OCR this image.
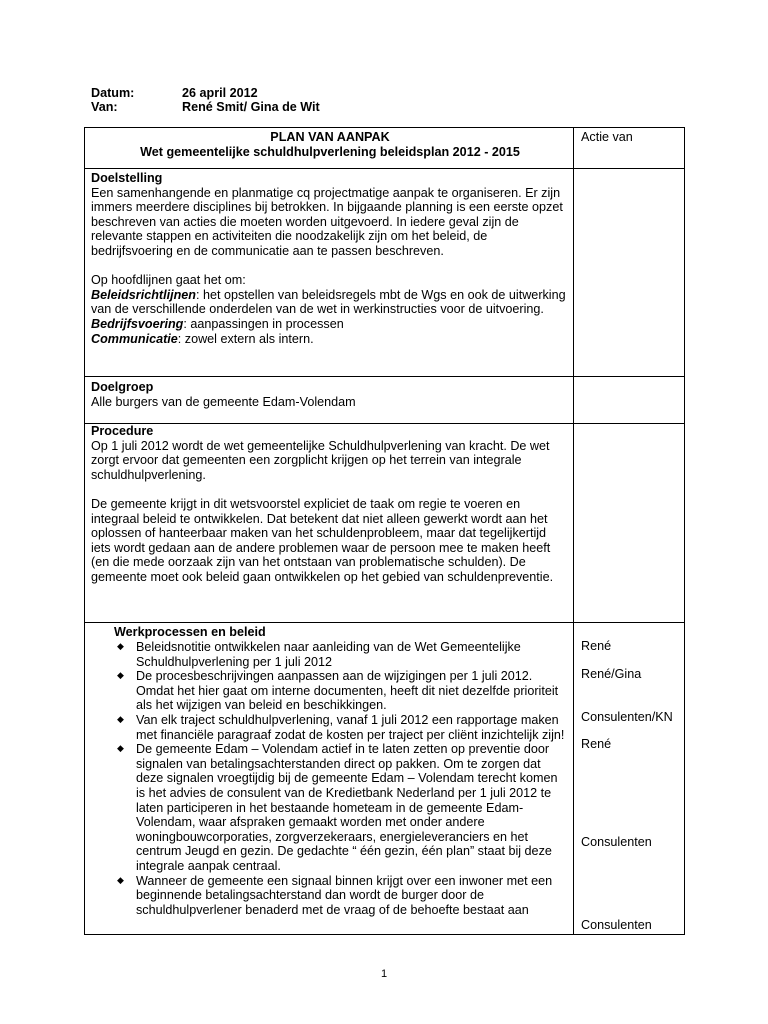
Datum:	26 april 2012
Van:	René Smit/ Gina de Wit

PLAN VAN AANPAK

Wet gemeentelijke schuldhulpverlening beleidsplan 2012 - 2015

Actie van

Doelstelling

Een samenhangende en planmatige cq projectmatige aanpak te organiseren. Er zijn immers meerdere disciplines bij betrokken. In bijgaande planning is een eerste opzet beschreven van acties die moeten worden uitgevoerd. In iedere geval zijn de relevante stappen en activiteiten die noodzakelijk zijn om het beleid, de bedrijfsvoering en de communicatie aan te passen beschreven.

Op hoofdlijnen gaat het om:

Beleidsrichtlijnen: het opstellen van beleidsregels mbt de Wgs en ook de uitwerking van de verschillende onderdelen van de wet in werkinstructies voor de uitvoering.

Bedrijfsvoering: aanpassingen in processen

Communicatie: zowel extern als intern.

Doelgroep

Alle burgers van de gemeente Edam-Volendam

Procedure

Op 1 juli 2012 wordt de wet gemeentelijke Schuldhulpverlening van kracht. De wet zorgt ervoor dat gemeenten een zorgplicht krijgen op het terrein van integrale schuldhulpverlening.

De gemeente krijgt in dit wetsvoorstel expliciet de taak om regie te voeren en integraal beleid te ontwikkelen. Dat betekent dat niet alleen gewerkt wordt aan het oplossen of hanteerbaar maken van het schuldenprobleem, maar dat tegelijkertijd iets wordt gedaan aan de andere problemen waar de persoon mee te maken heeft (en die mede oorzaak zijn van het ontstaan van problematische schulden). De gemeente moet ook beleid gaan ontwikkelen op het gebied van schuldenpreventie.

Werkprocessen en beleid
◆ Beleidsnotitie ontwikkelen naar aanleiding van de Wet Gemeentelijke Schuldhulpverlening per 1 juli 2012
◆ De procesbeschrijvingen aanpassen aan de wijzigingen per 1 juli 2012. Omdat het hier gaat om interne documenten, heeft dit niet dezelfde prioriteit als het wijzigen van beleid en beschikkingen.
◆ Van elk traject schuldhulpverlening, vanaf 1 juli 2012 een rapportage maken met financiële paragraaf zodat de kosten per traject per cliënt inzichtelijk zijn!
◆ De gemeente Edam – Volendam actief in te laten zetten op preventie door signalen van betalingsachterstanden direct op pakken. Om te zorgen dat deze signalen vroegtijdig bij de gemeente Edam – Volendam terecht komen is het advies de consulent van de Kredietbank Nederland per 1 juli 2012 te laten participeren in het bestaande hometeam in de gemeente Edam-Volendam, waar afspraken gemaakt worden met onder andere woningbouwcorporaties, zorgverzekeraars, energieleveranciers en het centrum Jeugd en gezin. De gedachte “ één gezin, één plan” staat bij deze integrale aanpak centraal.
◆ Wanneer de gemeente een signaal binnen krijgt over een inwoner met een beginnende betalingsachterstand dan wordt de burger door de schuldhulpverlener benaderd met de vraag of de behoefte bestaat aan
René
René/Gina
Consulenten/KN
René
Consulenten
Consulenten
1
